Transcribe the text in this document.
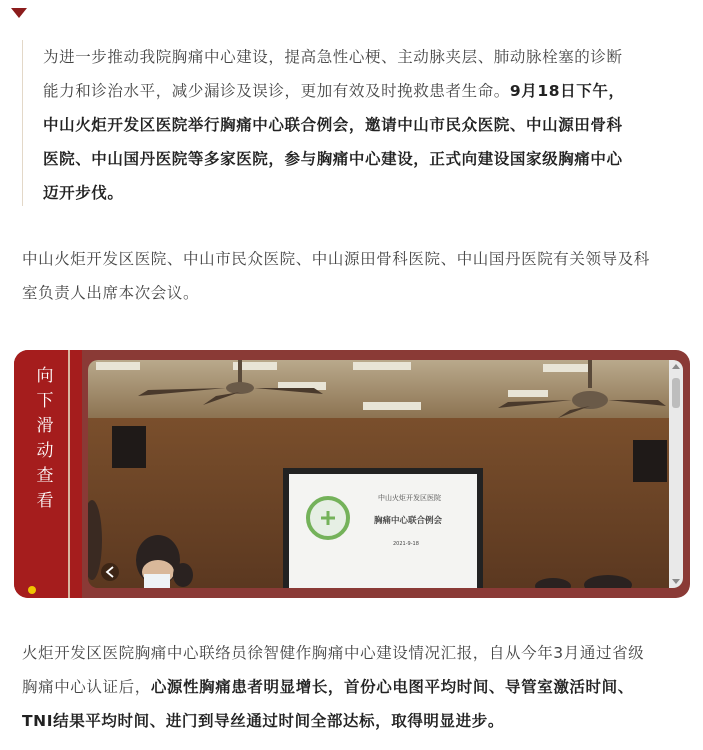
为进一步推动我院胸痛中心建设，提高急性心梗、主动脉夹层、肺动脉栓塞的诊断
能力和诊治水平，减少漏诊及误诊，更加有效及时挽救患者生命。9月18日下午，
中山火炬开发区医院举行胸痛中心联合例会，邀请中山市民众医院、中山源田骨科
医院、中山国丹医院等多家医院，参与胸痛中心建设，正式向建设国家级胸痛中心
迈开步伐。

中山火炬开发区医院、中山市民众医院、中山源田骨科医院、中山国丹医院有关领导及科
室负责人出席本次会议。

向
下
滑
动
查
看	中山火炬开发区医院
胸痛中心联合例会
2021-9-18

火炬开发区医院胸痛中心联络员徐智健作胸痛中心建设情况汇报，自从今年3月通过省级
胸痛中心认证后，心源性胸痛患者明显增长，首份心电图平均时间、导管室激活时间、
TNI结果平均时间、进门到导丝通过时间全部达标，取得明显进步。
